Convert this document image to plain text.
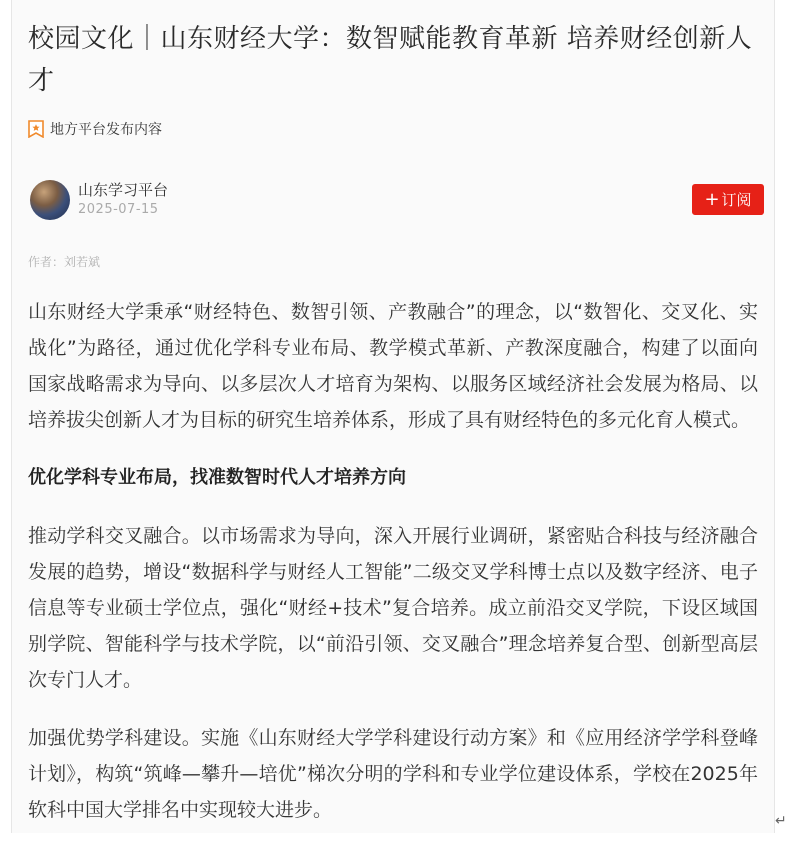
校园文化｜山东财经大学：数智赋能教育革新 培养财经创新人才
地方平台发布内容
山东学习平台
2025-07-15	+ 订阅
作者：刘若斌

山东财经大学秉承“财经特色、数智引领、产教融合”的理念，以“数智化、交叉化、实战化”为路径，通过优化学科专业布局、教学模式革新、产教深度融合，构建了以面向国家战略需求为导向、以多层次人才培育为架构、以服务区域经济社会发展为格局、以培养拔尖创新人才为目标的研究生培养体系，形成了具有财经特色的多元化育人模式。

优化学科专业布局，找准数智时代人才培养方向

推动学科交叉融合。以市场需求为导向，深入开展行业调研，紧密贴合科技与经济融合发展的趋势，增设“数据科学与财经人工智能”二级交叉学科博士点以及数字经济、电子信息等专业硕士学位点，强化“财经+技术”复合培养。成立前沿交叉学院，下设区域国别学院、智能科学与技术学院，以“前沿引领、交叉融合”理念培养复合型、创新型高层次专门人才。

加强优势学科建设。实施《山东财经大学学科建设行动方案》和《应用经济学学科登峰计划》，构筑“筑峰—攀升—培优”梯次分明的学科和专业学位建设体系，学校在2025年软科中国大学排名中实现较大进步。	↵
